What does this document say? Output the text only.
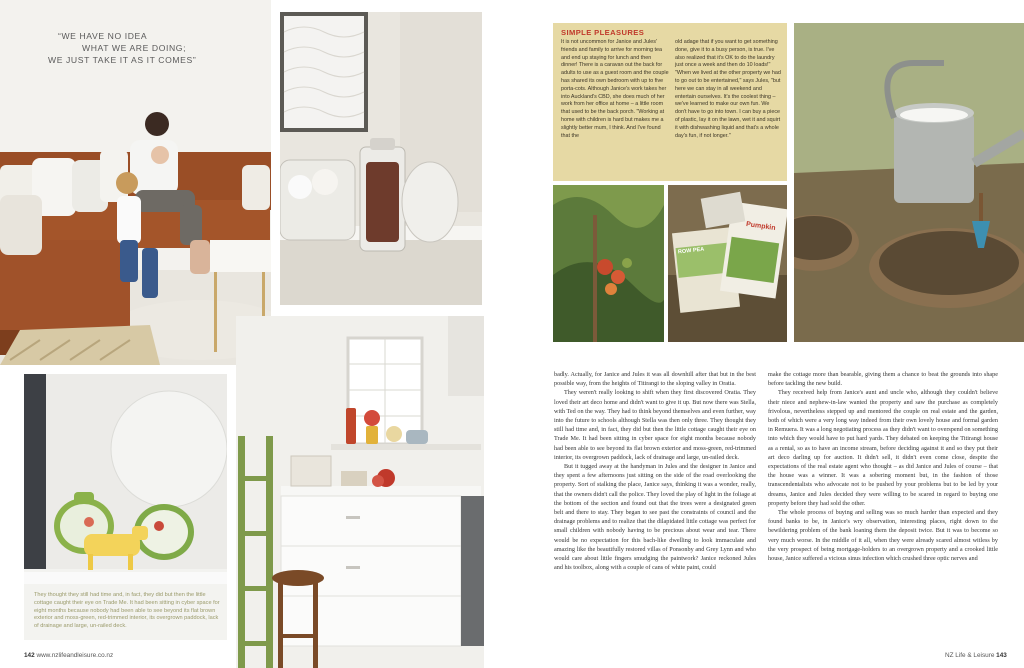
“WE HAVE NO IDEA
WHAT WE ARE DOING;
WE JUST TAKE IT AS IT COMES”
They thought they still had time and, in fact, they did but then the little cottage caught their eye on Trade Me. It had been sitting in cyber space for eight months because nobody had been able to see beyond its flat brown exterior and moss-green, red-trimmed interior, its overgrown paddock, lack of drainage and large, un-railed deck.
142 www.nzlifeandleisure.co.nz
SIMPLE PLEASURES
It is not uncommon for Janice and Jules' friends and family to arrive for morning tea and end up staying for lunch and then dinner! There is a caravan out the back for adults to use as a guest room and the couple has shared its own bedroom with up to five porta-cots. Although Janice's work takes her into Auckland's CBD, she does much of her work from her office at home – a little room that used to be the back porch. "Working at home with children is hard but makes me a slightly better mum, I think. And I've found that the
old adage that if you want to get something done, give it to a busy person, is true. I've also realized that it's OK to do the laundry just once a week and then do 10 loads!" "When we lived at the other property we had to go out to be entertained," says Jules, "but here we can stay in all weekend and entertain ourselves. It's the coolest thing – we've learned to make our own fun. We don't have to go into town. I can buy a piece of plastic, lay it on the lawn, wet it and squirt it with dishwashing liquid and that's a whole day's fun, if not longer."
Pumpkin
ROW PEA

badly. Actually, for Janice and Jules it was all downhill after that but in the best possible way, from the heights of Titirangi to the sloping valley in Oratia.

They weren't really looking to shift when they first discovered Oratia. They loved their art deco home and didn't want to give it up. But now there was Stella, with Ted on the way. They had to think beyond themselves and even further, way into the future to schools although Stella was then only three. They thought they still had time and, in fact, they did but then the little cottage caught their eye on Trade Me. It had been sitting in cyber space for eight months because nobody had been able to see beyond its flat brown exterior and moss-green, red-trimmed interior, its overgrown paddock, lack of drainage and large, un-railed deck.

But it tugged away at the handyman in Jules and the designer in Janice and they spent a few afternoons just sitting on the side of the road overlooking the property. Sort of stalking the place, Janice says, thinking it was a wonder, really, that the owners didn't call the police. They loved the play of light in the foliage at the bottom of the section and found out that the trees were a designated green belt and there to stay. They began to see past the constraints of council and the drainage problems and to realize that the dilapidated little cottage was perfect for small children with nobody having to be precious about wear and tear. There would be no expectation for this bach-like dwelling to look immaculate and amazing like the beautifully restored villas of Ponsonby and Grey Lynn and who would care about little fingers smudging the paintwork? Janice reckoned Jules and his toolbox, along with a couple of cans of white paint, could

make the cottage more than bearable, giving them a chance to beat the grounds into shape before tackling the new build.

They received help from Janice's aunt and uncle who, although they couldn't believe their niece and nephew-in-law wanted the property and saw the purchase as completely frivolous, nevertheless stepped up and mentored the couple on real estate and the garden, both of which were a very long way indeed from their own lovely house and formal garden in Remuera. It was a long negotiating process as they didn't want to overspend on something into which they would have to put hard yards. They debated on keeping the Titirangi house as a rental, so as to have an income stream, before deciding against it and so they put their art deco darling up for auction. It didn't sell, it didn't even come close, despite the expectations of the real estate agent who thought – as did Janice and Jules of course – that the house was a winner. It was a sobering moment but, in the fashion of those transcendentalists who advocate not to be pushed by your problems but to be led by your dreams, Janice and Jules decided they were willing to be scared in regard to buying one property before they had sold the other.

The whole process of buying and selling was so much harder than expected and they found banks to be, in Janice's wry observation, interesting places, right down to the bewildering problem of the bank loaning them the deposit twice. But it was to become so very much worse. In the middle of it all, when they were already scared almost witless by the very prospect of being mortgage-holders to an overgrown property and a crooked little house, Janice suffered a vicious sinus infection which crushed three optic nerves and

NZ Life & Leisure 143
